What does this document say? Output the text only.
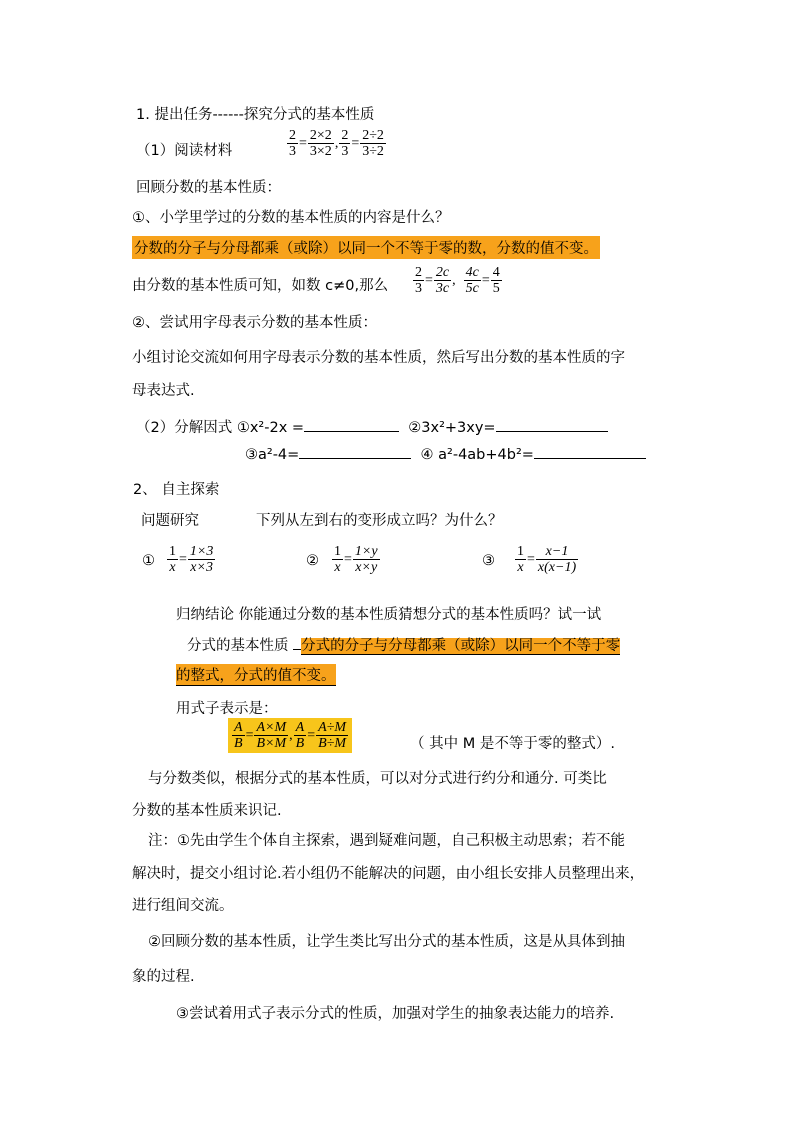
1. 提出任务------探究分式的基本性质
（1）阅读材料	$\frac{2}{3} = \frac{2\times 2}{3\times 2}$ , $\frac{2}{3} = \frac{2\div 2}{3\div 2}$
回顾分数的基本性质：
①、小学里学过的分数的基本性质的内容是什么？
分数的分子与分母都乘（或除）以同一个不等于零的数，分数的值不变。
由分数的基本性质可知，如数 c≠0,那么 $\frac{2}{3} = \frac{2c}{3c}$ , $\frac{4c}{5c} = \frac{4}{5}$
②、尝试用字母表示分数的基本性质：
小组讨论交流如何用字母表示分数的基本性质，然后写出分数的基本性质的字
母表达式.
（2）分解因式 ①x²-2x =	②3x²+3xy=
③a²-4=	④ a²-4ab+4b²=
2、 自主探索
问题研究	下列从左到右的变形成立吗？为什么？
① $\frac{1}{x} = \frac{1\times 3}{x\times 3}$	② $\frac{1}{x} = \frac{1\times y}{x\times y}$	③ $\frac{1}{x} = \frac{x-1}{x(x-1)}$
归纳结论 你能通过分数的基本性质猜想分式的基本性质吗？试一试
分式的基本性质 分式的分子与分母都乘（或除）以同一个不等于零
的整式，分式的值不变。
用式子表示是：
$\frac{A}{B} = \frac{A\times M}{B\times M}$ , $\frac{A}{B} = \frac{A\div M}{B\div M}$	（ 其中 M 是不等于零的整式）.
与分数类似，根据分式的基本性质，可以对分式进行约分和通分. 可类比
分数的基本性质来识记.
注：①先由学生个体自主探索，遇到疑难问题，自己积极主动思索；若不能
解决时，提交小组讨论.若小组仍不能解决的问题，由小组长安排人员整理出来，
进行组间交流。
②回顾分数的基本性质，让学生类比写出分式的基本性质，这是从具体到抽
象的过程.
③尝试着用式子表示分式的性质，加强对学生的抽象表达能力的培养.
